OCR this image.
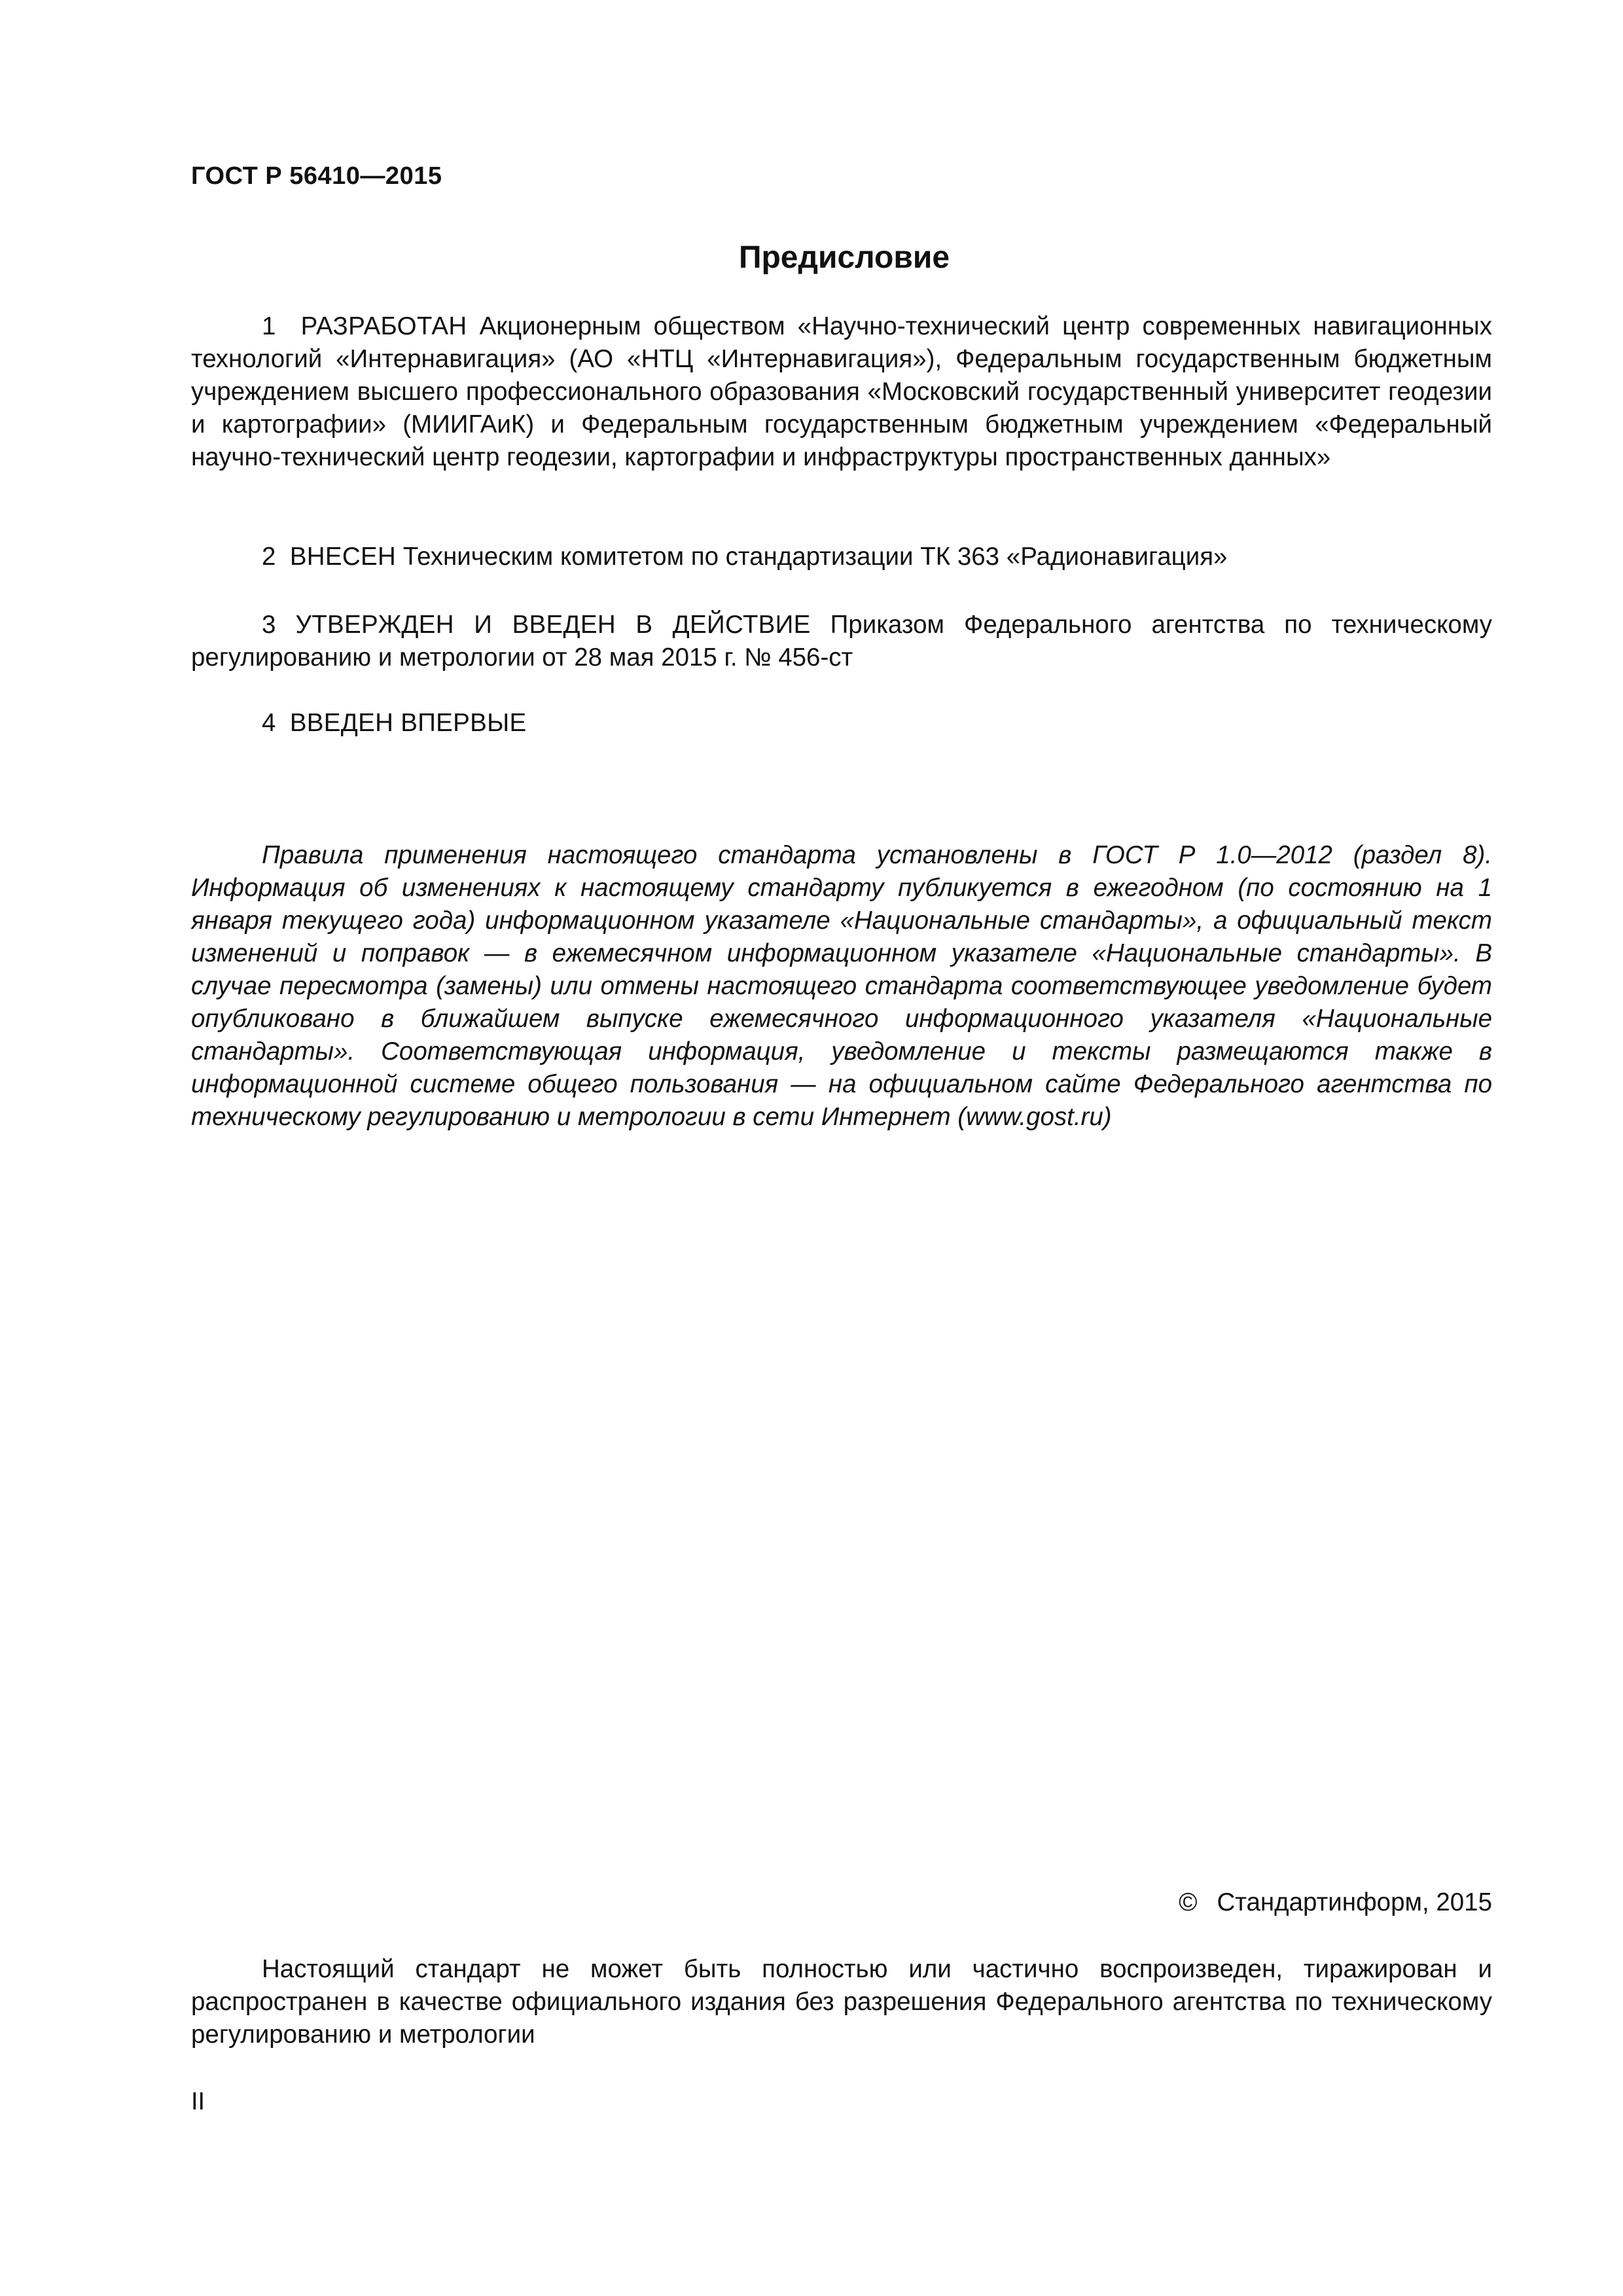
ГОСТ Р 56410—2015
Предисловие

1 РАЗРАБОТАН Акционерным обществом «Научно-технический центр современных навигационных технологий «Интернавигация» (АО «НТЦ «Интернавигация»), Федеральным государственным бюджетным учреждением высшего профессионального образования «Московский государственный университет геодезии и картографии» (МИИГАиК) и Федеральным государственным бюджетным учреждением «Федеральный научно-технический центр геодезии, картографии и инфраструктуры пространственных данных»

2 ВНЕСЕН Техническим комитетом по стандартизации ТК 363 «Радионавигация»

3 УТВЕРЖДЕН И ВВЕДЕН В ДЕЙСТВИЕ Приказом Федерального агентства по техническому регулированию и метрологии от 28 мая 2015 г. № 456-ст

4 ВВЕДЕН ВПЕРВЫЕ

Правила применения настоящего стандарта установлены в ГОСТ Р 1.0—2012 (раздел 8). Информация об изменениях к настоящему стандарту публикуется в ежегодном (по состоянию на 1 января текущего года) информационном указателе «Национальные стандарты», а официальный текст изменений и поправок — в ежемесячном информационном указателе «Национальные стандарты». В случае пересмотра (замены) или отмены настоящего стандарта соответствующее уведомление будет опубликовано в ближайшем выпуске ежемесячного информационного указателя «Национальные стандарты». Соответствующая информация, уведомление и тексты размещаются также в информационной системе общего пользования — на официальном сайте Федерального агентства по техническому регулированию и метрологии в сети Интернет (www.gost.ru)

© Стандартинформ, 2015

Настоящий стандарт не может быть полностью или частично воспроизведен, тиражирован и распространен в качестве официального издания без разрешения Федерального агентства по техническому регулированию и метрологии

II
